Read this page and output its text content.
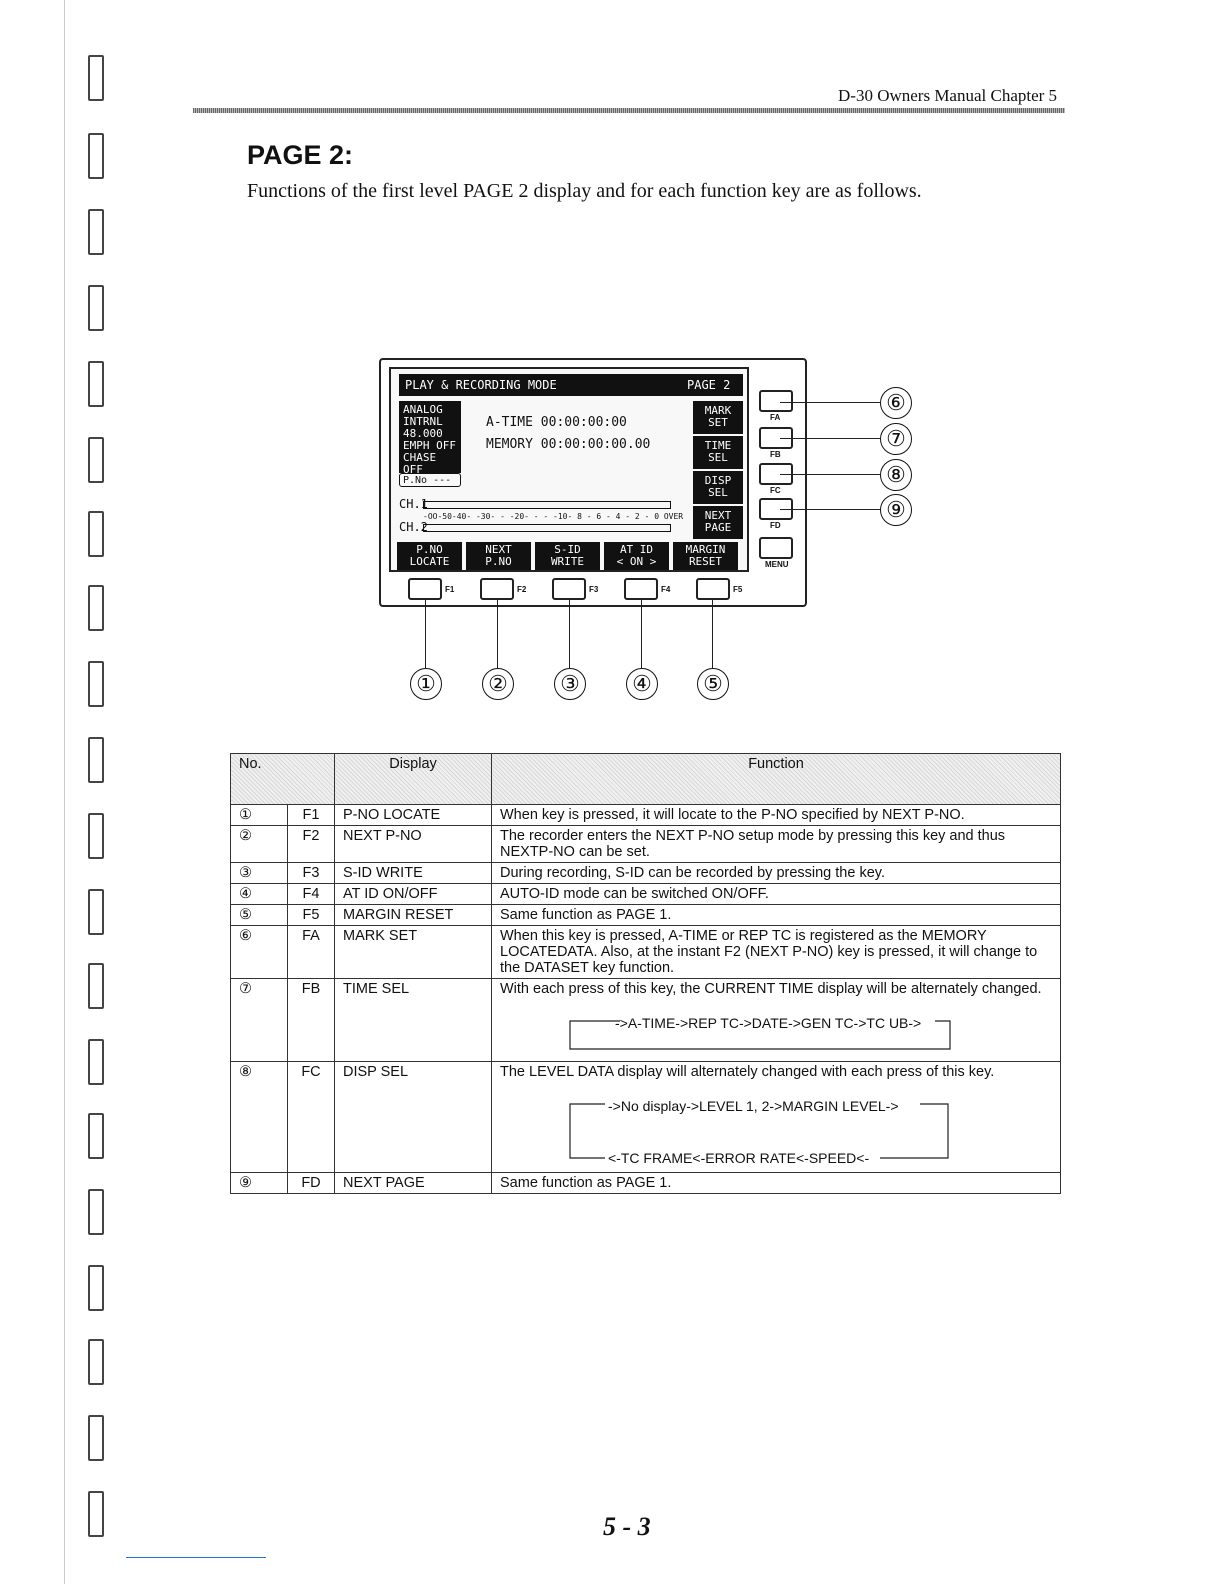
D-30 Owners Manual Chapter 5
PAGE 2:
Functions of the first level PAGE 2 display and for each function key are as follows.
PLAY & RECORDING MODE	PAGE 2
ANALOG
INTRNL
48.000
EMPH OFF
CHASE OFF
P.No ---
A-TIME 00:00:00:00
MEMORY 00:00:00:00.00
CH.1
-OO-50-40- -30- - -20- - - -10- 8 - 6 - 4 - 2 - 0 OVER
CH.2
MARK
SET
TIME
SEL
DISP
SEL
NEXT
PAGE
P.NO
LOCATE
NEXT
P.NO
S-ID
WRITE
AT ID
< ON >
MARGIN
RESET
F1	F2	F3	F4	F5
FA
FB
FC
FD
MENU
① ② ③ ④ ⑤
⑥
⑦
⑧
⑨
No.		Display	Function
①	F1	P-NO LOCATE	When key is pressed, it will locate to the P-NO specified by NEXT P-NO.
②	F2	NEXT P-NO	The recorder enters the NEXT P-NO setup mode by pressing this key and thus NEXTP-NO can be set.
③	F3	S-ID WRITE	During recording, S-ID can be recorded by pressing the key.
④	F4	AT ID ON/OFF	AUTO-ID mode can be switched ON/OFF.
⑤	F5	MARGIN RESET	Same function as PAGE 1.
⑥	FA	MARK SET	When this key is pressed, A-TIME or REP TC is registered as the MEMORY LOCATEDATA. Also, at the instant F2 (NEXT P-NO) key is pressed, it will change to the DATASET key function.
⑦	FB	TIME SEL	With each press of this key, the CURRENT TIME display will be alternately changed.
->A-TIME->REP TC->DATE->GEN TC->TC UB->

⑧	FC	DISP SEL	The LEVEL DATA display will alternately changed with each press of this key.
->No display->LEVEL 1, 2->MARGIN LEVEL->
<-TC FRAME<-ERROR RATE<-SPEED<-

⑨	FD	NEXT PAGE	Same function as PAGE 1.
5 - 3
